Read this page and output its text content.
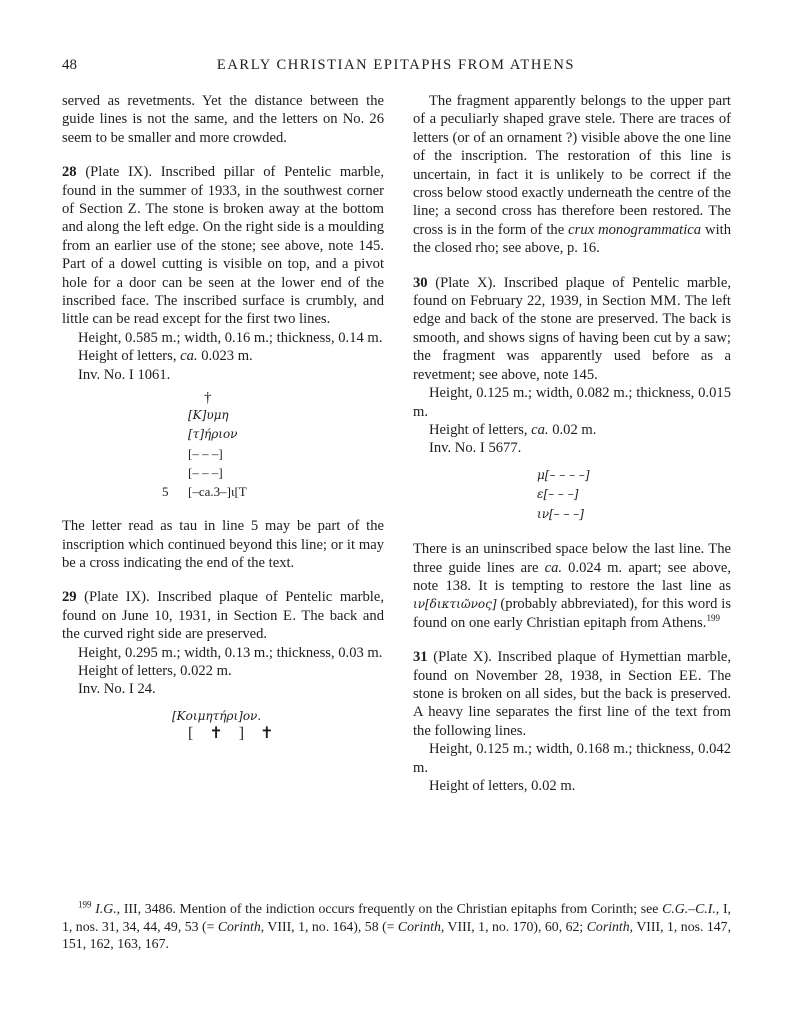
48	EARLY CHRISTIAN EPITAPHS FROM ATHENS

served as revetments. Yet the distance between the guide lines is not the same, and the letters on No. 26 seem to be smaller and more crowded.

28 (Plate IX). Inscribed pillar of Pentelic marble, found in the summer of 1933, in the southwest corner of Section Z. The stone is broken away at the bottom and along the left edge. On the right side is a moulding from an earlier use of the stone; see above, note 145. Part of a dowel cutting is visible on top, and a pivot hole for a door can be seen at the lower end of the inscribed face. The inscribed surface is crumbly, and little can be read except for the first two lines.

Height, 0.585 m.; width, 0.16 m.; thickness, 0.14 m.

Height of letters, ca. 0.023 m.

Inv. No. I 1061.

†
[Κ]υμη
[τ]ήριον
[– – –]
[– – –]
5 [–ca.3–]ι[T

The letter read as tau in line 5 may be part of the inscription which continued beyond this line; or it may be a cross indicating the end of the text.

29 (Plate IX). Inscribed plaque of Pentelic marble, found on June 10, 1931, in Section E. The back and the curved right side are preserved.

Height, 0.295 m.; width, 0.13 m.; thickness, 0.03 m.

Height of letters, 0.022 m.

Inv. No. I 24.

[Κοιμητήρι]ον.
[ ✝ ] ✝

The fragment apparently belongs to the upper part of a peculiarly shaped grave stele. There are traces of letters (or of an ornament ?) visible above the one line of the inscription. The restoration of this line is uncertain, in fact it is unlikely to be correct if the cross below stood exactly underneath the centre of the line; a second cross has therefore been restored. The cross is in the form of the crux monogrammatica with the closed rho; see above, p. 16.

30 (Plate X). Inscribed plaque of Pentelic marble, found on February 22, 1939, in Section MM. The left edge and back of the stone are preserved. The back is smooth, and shows signs of having been cut by a saw; the fragment was apparently used before as a revetment; see above, note 145.

Height, 0.125 m.; width, 0.082 m.; thickness, 0.015 m.

Height of letters, ca. 0.02 m.

Inv. No. I 5677.

μ[– – – –]
ε[– – –]
ιν[– – –]

There is an uninscribed space below the last line. The three guide lines are ca. 0.024 m. apart; see above, note 138. It is tempting to restore the last line as ιν[δικτιῶνος] (probably abbreviated), for this word is found on one early Christian epitaph from Athens.$^{199}$

31 (Plate X). Inscribed plaque of Hymettian marble, found on November 28, 1938, in Section EE. The stone is broken on all sides, but the back is preserved. A heavy line separates the first line of the text from the following lines.

Height, 0.125 m.; width, 0.168 m.; thickness, 0.042 m.

Height of letters, 0.02 m.

$^{199}$ I.G., III, 3486. Mention of the indiction occurs frequently on the Christian epitaphs from Corinth; see C.G.–C.I., I, 1, nos. 31, 34, 44, 49, 53 (= Corinth, VIII, 1, no. 164), 58 (= Corinth, VIII, 1, no. 170), 60, 62; Corinth, VIII, 1, nos. 147, 151, 162, 163, 167.
